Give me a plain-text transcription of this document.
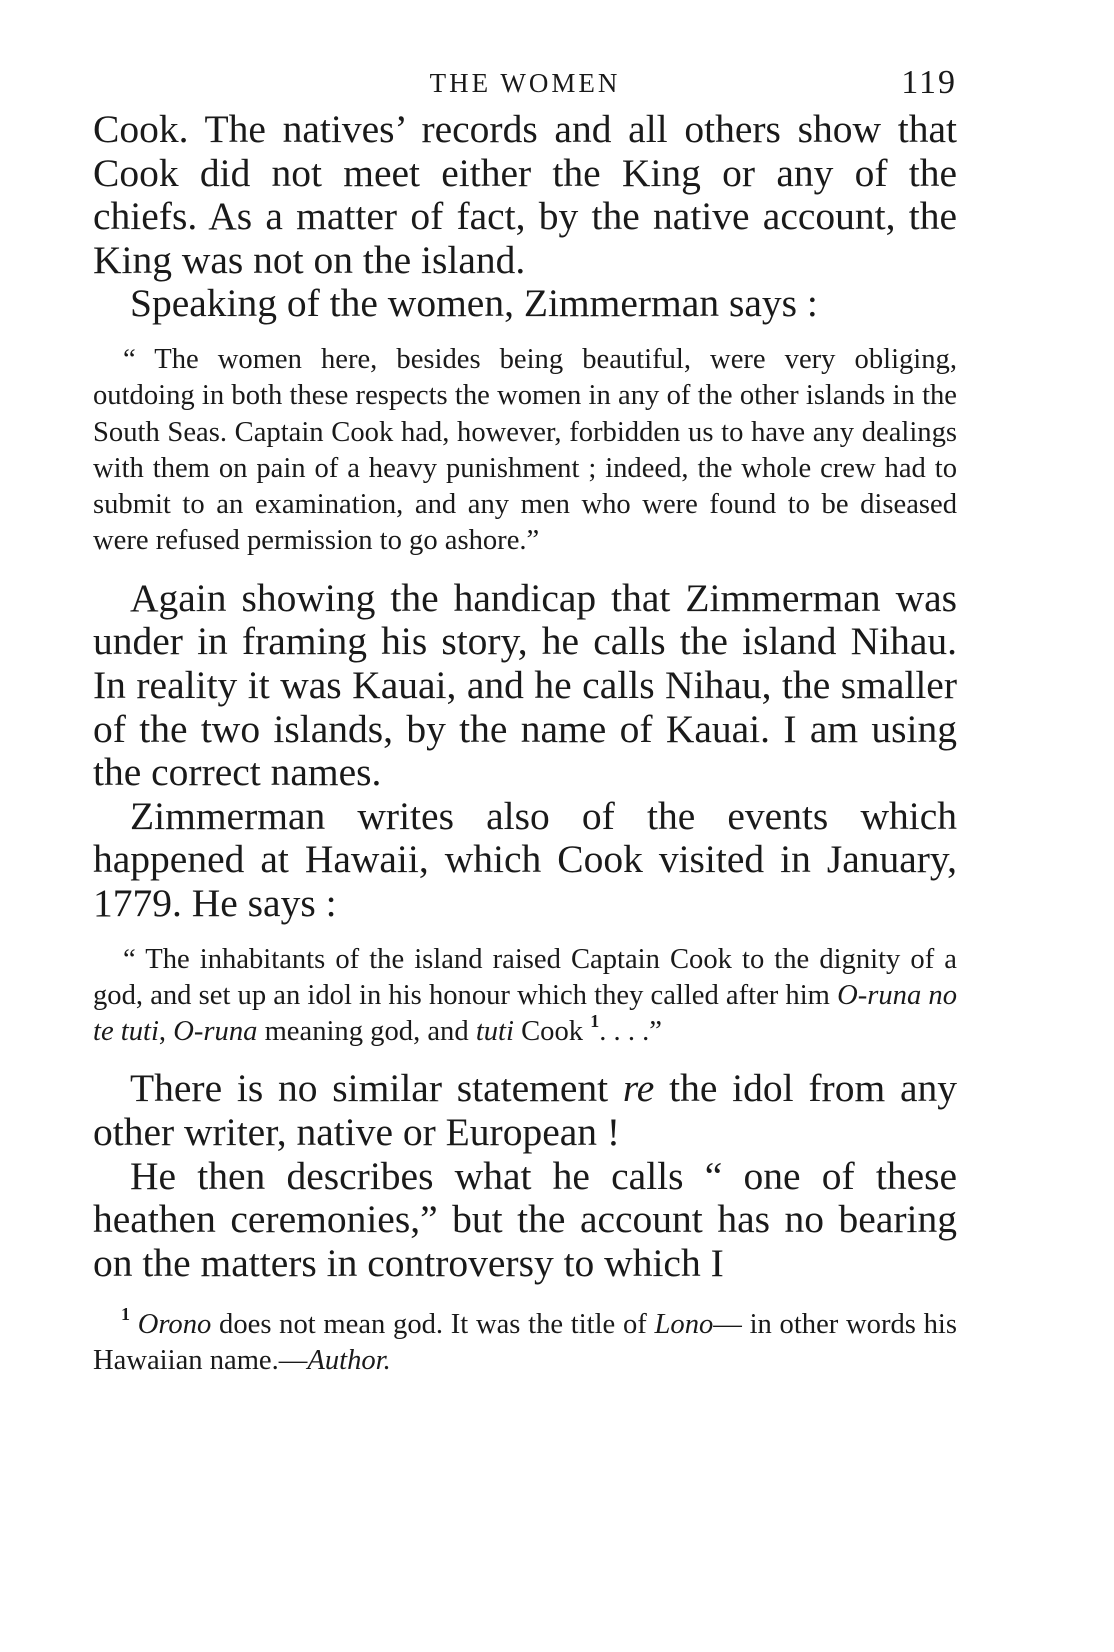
THE WOMEN	119

Cook. The natives’ records and all others show that Cook did not meet either the King or any of the chiefs. As a matter of fact, by the native account, the King was not on the island.

Speaking of the women, Zimmerman says :

“ The women here, besides being beautiful, were very obliging, outdoing in both these respects the women in any of the other islands in the South Seas. Captain Cook had, however, forbidden us to have any dealings with them on pain of a heavy punishment ; indeed, the whole crew had to submit to an examination, and any men who were found to be diseased were refused permission to go ashore.”

Again showing the handicap that Zimmerman was under in framing his story, he calls the island Nihau. In reality it was Kauai, and he calls Nihau, the smaller of the two islands, by the name of Kauai. I am using the correct names.

Zimmerman writes also of the events which happened at Hawaii, which Cook visited in January, 1779. He says :

“ The inhabitants of the island raised Captain Cook to the dignity of a god, and set up an idol in his honour which they called after him O-runa no te tuti, O-runa meaning god, and tuti Cook $^1$. . . .”

There is no similar statement re the idol from any other writer, native or European !

He then describes what he calls “ one of these heathen ceremonies,” but the account has no bearing on the matters in controversy to which I

$^1$ Orono does not mean god. It was the title of Lono— in other words his Hawaiian name.—Author.
